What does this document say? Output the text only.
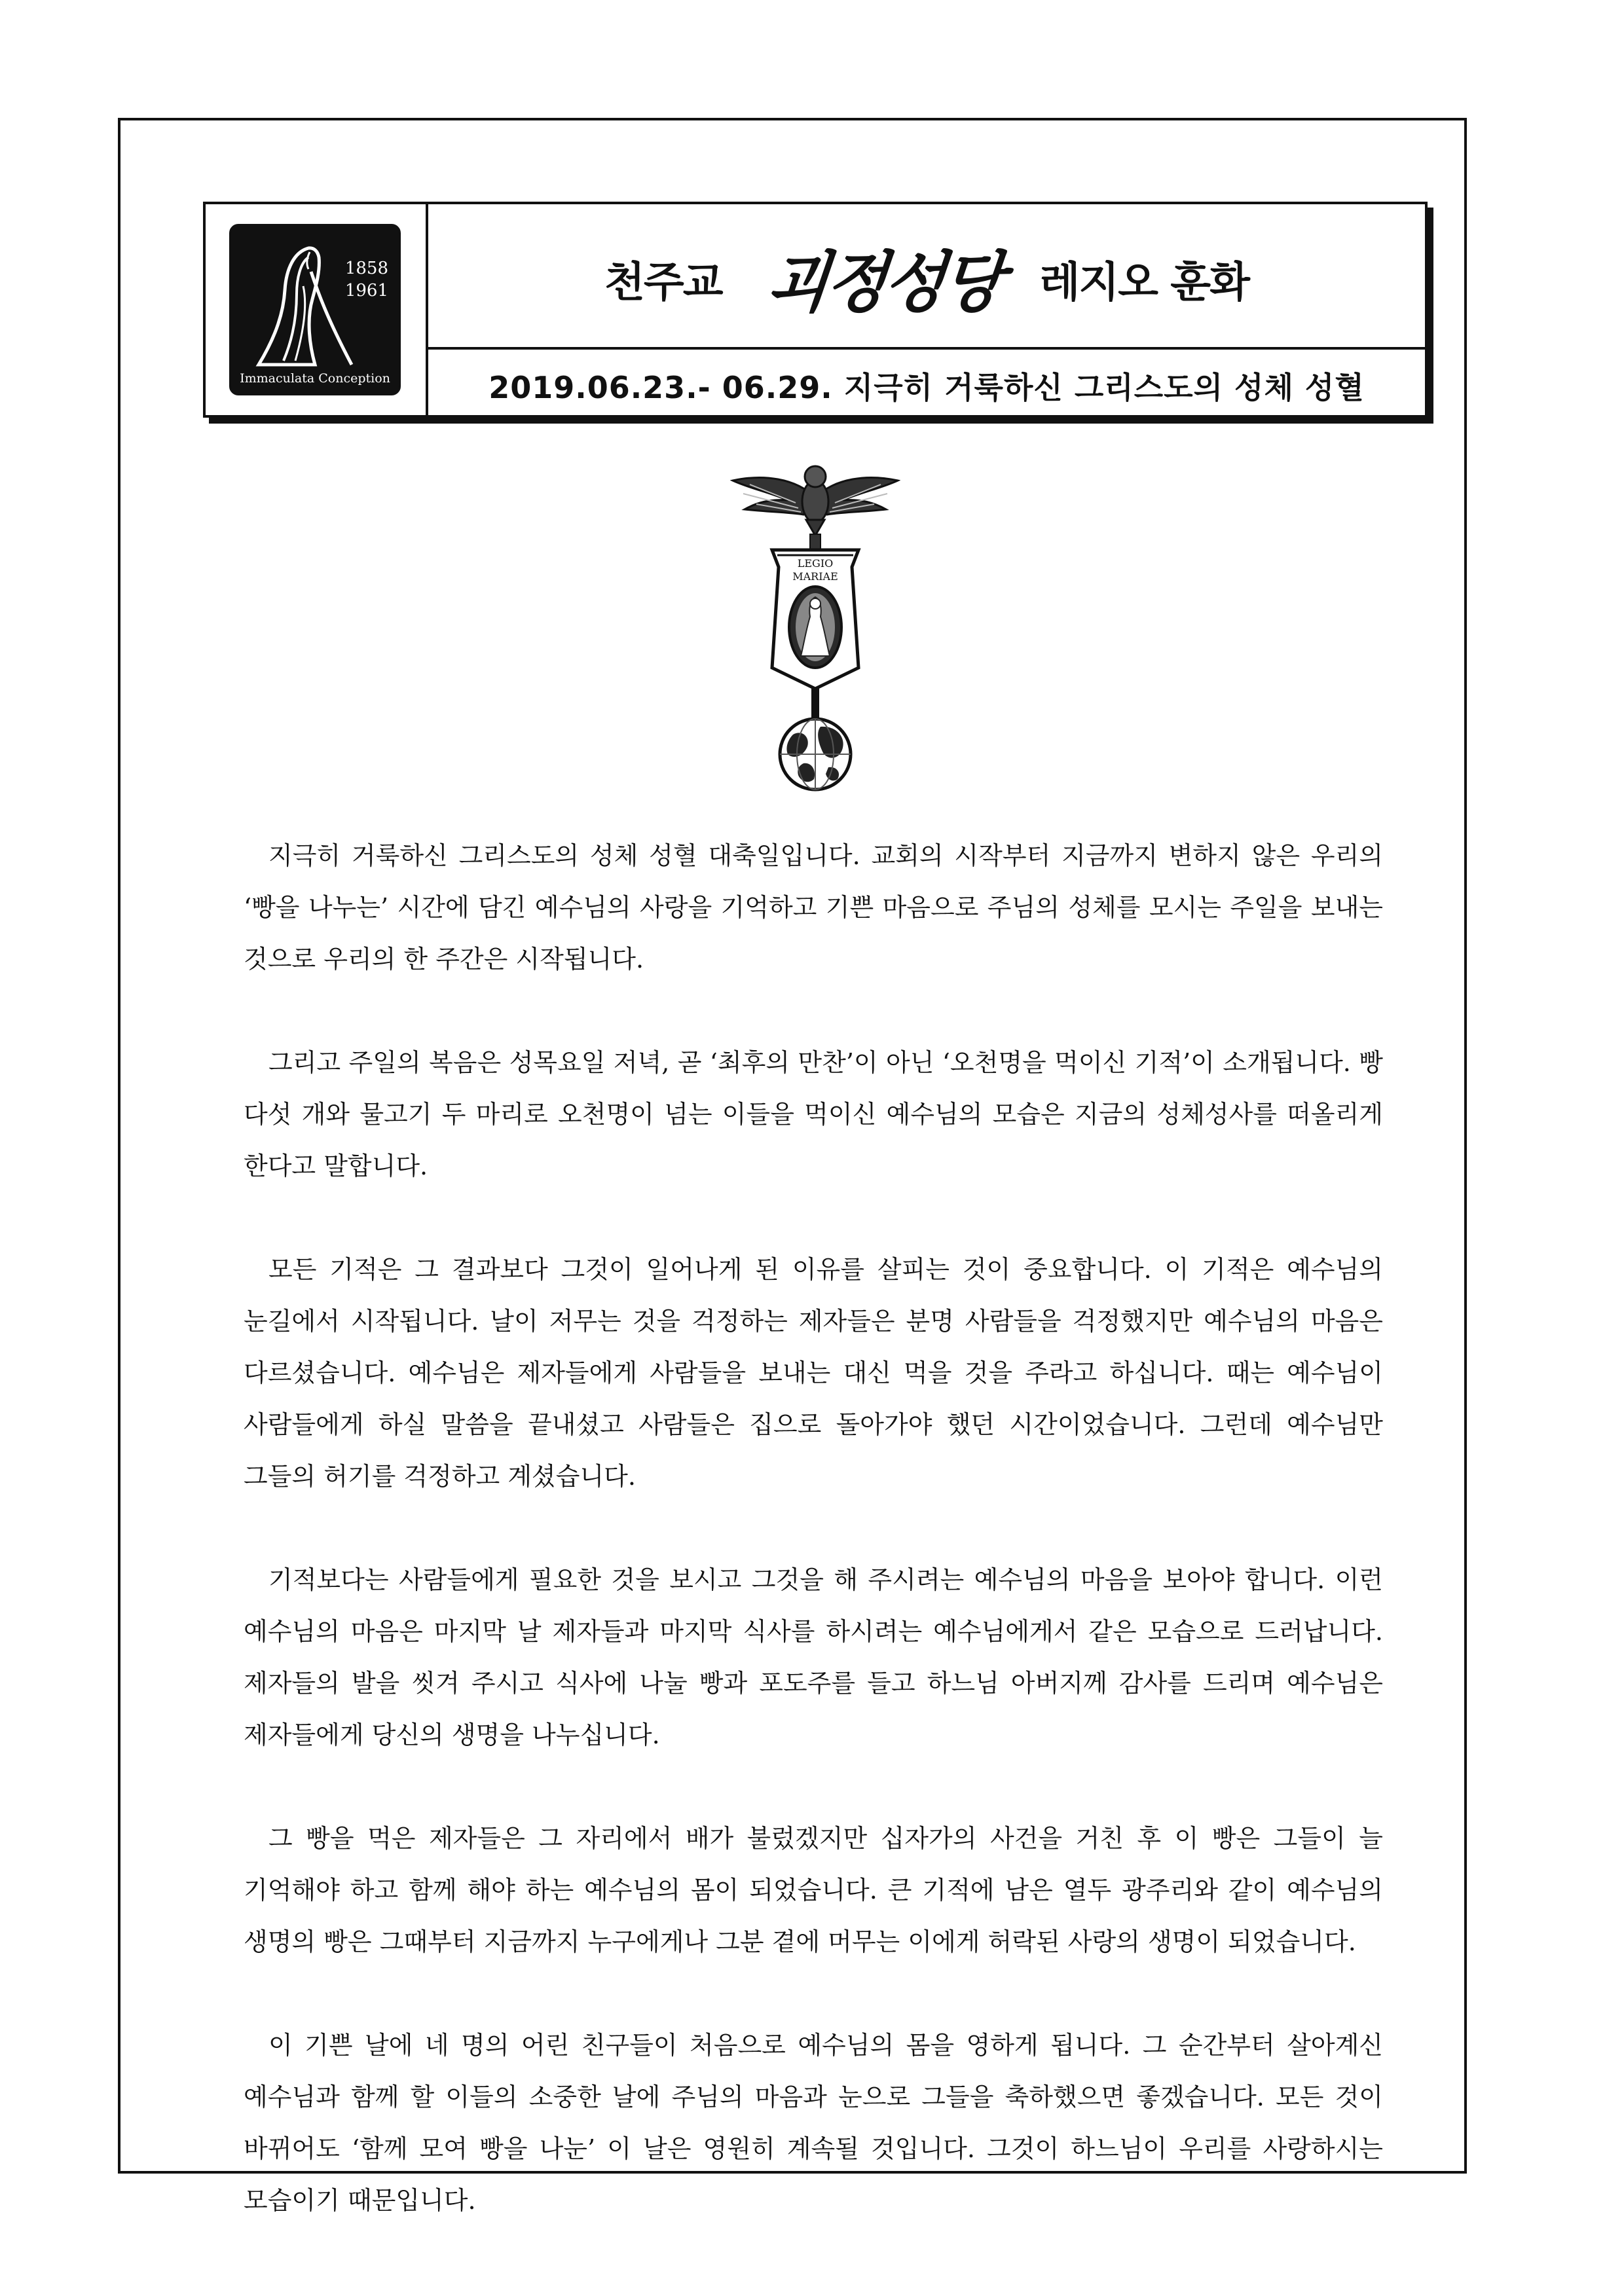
1858
1961
Immaculata Conception
천주교 괴정성당 레지오 훈화
2019.06.23.- 06.29. 지극히 거룩하신 그리스도의 성체 성혈
LEGIO
MARIAE

지극히 거룩하신 그리스도의 성체 성혈 대축일입니다. 교회의 시작부터 지금까지 변하지 않은 우리의 ‘빵을 나누는’ 시간에 담긴 예수님의 사랑을 기억하고 기쁜 마음으로 주님의 성체를 모시는 주일을 보내는 것으로 우리의 한 주간은 시작됩니다.

그리고 주일의 복음은 성목요일 저녁, 곧 ‘최후의 만찬’이 아닌 ‘오천명을 먹이신 기적’이 소개됩니다. 빵 다섯 개와 물고기 두 마리로 오천명이 넘는 이들을 먹이신 예수님의 모습은 지금의 성체성사를 떠올리게 한다고 말합니다.

모든 기적은 그 결과보다 그것이 일어나게 된 이유를 살피는 것이 중요합니다. 이 기적은 예수님의 눈길에서 시작됩니다. 날이 저무는 것을 걱정하는 제자들은 분명 사람들을 걱정했지만 예수님의 마음은 다르셨습니다. 예수님은 제자들에게 사람들을 보내는 대신 먹을 것을 주라고 하십니다. 때는 예수님이 사람들에게 하실 말씀을 끝내셨고 사람들은 집으로 돌아가야 했던 시간이었습니다. 그런데 예수님만 그들의 허기를 걱정하고 계셨습니다.

기적보다는 사람들에게 필요한 것을 보시고 그것을 해 주시려는 예수님의 마음을 보아야 합니다. 이런 예수님의 마음은 마지막 날 제자들과 마지막 식사를 하시려는 예수님에게서 같은 모습으로 드러납니다. 제자들의 발을 씻겨 주시고 식사에 나눌 빵과 포도주를 들고 하느님 아버지께 감사를 드리며 예수님은 제자들에게 당신의 생명을 나누십니다.

그 빵을 먹은 제자들은 그 자리에서 배가 불렀겠지만 십자가의 사건을 거친 후 이 빵은 그들이 늘 기억해야 하고 함께 해야 하는 예수님의 몸이 되었습니다. 큰 기적에 남은 열두 광주리와 같이 예수님의 생명의 빵은 그때부터 지금까지 누구에게나 그분 곁에 머무는 이에게 허락된 사랑의 생명이 되었습니다.

이 기쁜 날에 네 명의 어린 친구들이 처음으로 예수님의 몸을 영하게 됩니다. 그 순간부터 살아계신 예수님과 함께 할 이들의 소중한 날에 주님의 마음과 눈으로 그들을 축하했으면 좋겠습니다. 모든 것이 바뀌어도 ‘함께 모여 빵을 나눈’ 이 날은 영원히 계속될 것입니다. 그것이 하느님이 우리를 사랑하시는 모습이기 때문입니다.
